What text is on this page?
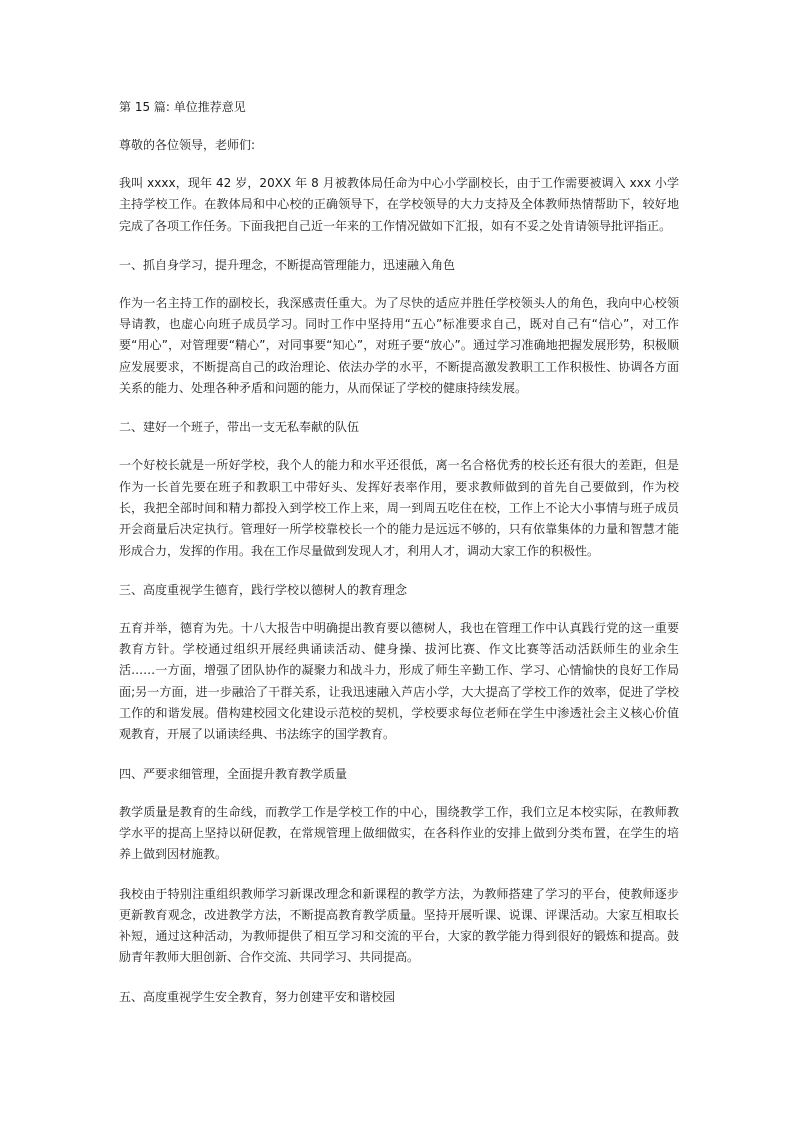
第 15 篇: 单位推荐意见

尊敬的各位领导，老师们:

我叫 xxxx，现年 42 岁，20XX 年 8 月被教体局任命为中心小学副校长，由于工作需要被调入 xxx 小学主持学校工作。在教体局和中心校的正确领导下，在学校领导的大力支持及全体教师热情帮助下，较好地完成了各项工作任务。下面我把自己近一年来的工作情况做如下汇报，如有不妥之处肯请领导批评指正。

一、抓自身学习，提升理念，不断提高管理能力，迅速融入角色

作为一名主持工作的副校长，我深感责任重大。为了尽快的适应并胜任学校领头人的角色，我向中心校领导请教，也虚心向班子成员学习。同时工作中坚持用“五心”标准要求自己，既对自己有“信心”，对工作要“用心”，对管理要“精心”，对同事要“知心”，对班子要“放心”。通过学习准确地把握发展形势，积极顺应发展要求，不断提高自己的政治理论、依法办学的水平，不断提高激发教职工工作积极性、协调各方面关系的能力、处理各种矛盾和问题的能力，从而保证了学校的健康持续发展。

二、建好一个班子，带出一支无私奉献的队伍

一个好校长就是一所好学校，我个人的能力和水平还很低，离一名合格优秀的校长还有很大的差距，但是作为一长首先要在班子和教职工中带好头、发挥好表率作用，要求教师做到的首先自己要做到，作为校长，我把全部时间和精力都投入到学校工作上来，周一到周五吃住在校，工作上不论大小事情与班子成员开会商量后决定执行。管理好一所学校靠校长一个的能力是远远不够的，只有依靠集体的力量和智慧才能形成合力，发挥的作用。我在工作尽量做到发现人才，利用人才，调动大家工作的积极性。

三、高度重视学生德育，践行学校以德树人的教育理念

五育并举，德育为先。十八大报告中明确提出教育要以德树人，我也在管理工作中认真践行党的这一重要教育方针。学校通过组织开展经典诵读活动、健身操、拔河比赛、作文比赛等活动活跃师生的业余生活……一方面，增强了团队协作的凝聚力和战斗力，形成了师生辛勤工作、学习、心情愉快的良好工作局面;另一方面，进一步融洽了干群关系，让我迅速融入芦店小学，大大提高了学校工作的效率，促进了学校工作的和谐发展。借构建校园文化建设示范校的契机，学校要求每位老师在学生中渗透社会主义核心价值观教育，开展了以诵读经典、书法练字的国学教育。

四、严要求细管理，全面提升教育教学质量

教学质量是教育的生命线，而教学工作是学校工作的中心，围绕教学工作，我们立足本校实际，在教师教学水平的提高上坚持以研促教，在常规管理上做细做实，在各科作业的安排上做到分类布置，在学生的培养上做到因材施教。

我校由于特别注重组织教师学习新课改理念和新课程的教学方法，为教师搭建了学习的平台，使教师逐步更新教育观念，改进教学方法，不断提高教育教学质量。坚持开展听课、说课、评课活动。大家互相取长补短，通过这种活动，为教师提供了相互学习和交流的平台，大家的教学能力得到很好的锻炼和提高。鼓励青年教师大胆创新、合作交流、共同学习、共同提高。

五、高度重视学生安全教育，努力创建平安和谐校园
